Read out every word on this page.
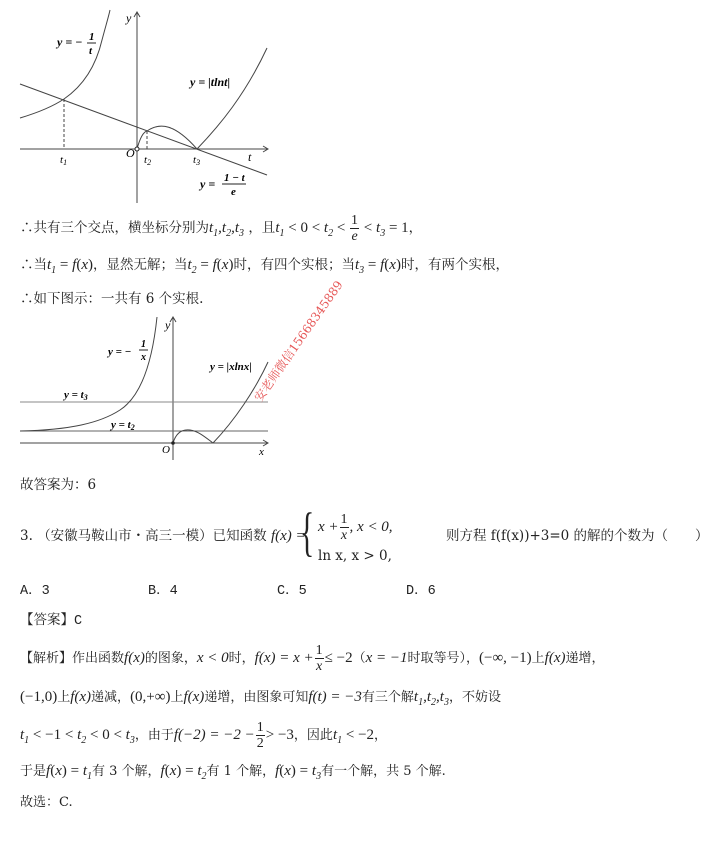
y
t
O
y = − 1
t
y = |tlnt|
y = 1 − t
e
t1	t2	t3
∴共有三个交点，横坐标分别为$t_1,t_2,t_3$ ，且$t_1 < 0 < t_2 < \frac{1}{e} < t_3 = 1$，
∴当$t_1 = f(x)$，显然无解；当$t_2 = f(x)$时，有四个实根；当$t_3 = f(x)$时，有两个实根，
∴如下图示：一共有 6 个实根.
y
x
O
y = −
1
x
y = |xlnx|
y = t3
y = t2
安老师微信15668345889
故答案为：6
3. （安徽马鞍山市・高三一模）已知函数 f(x) =
{ $x + \frac{1}{x}$ , x < 0,
ln x, x > 0,
则方程 f(f(x))+3=0 的解的个数为（　　）
A．3	B．4	C．5	D．6
【答案】C
【解析】作出函数f(x)的图象，x < 0时，$f(x) = x + \frac{1}{x} \le -2(x = -1$时取等号），(−∞, −1)上f(x)递增，
(−1,0)上f(x)递减，(0,+∞)上f(x)递增，由图象可知f(t) = −3有三个解$t_1,t_2,t_3$，不妨设
$t_1 < -1 < t_2 < 0 < t_3$，由于$f(-2) = -2 - \frac{1}{2} > -3$，因此$t_1 < -2$，
于是$f(x) = t_1$有 3 个解，$f(x) = t_2$有 1 个解，$f(x) = t_3$有一个解，共 5 个解.
故选：C.
